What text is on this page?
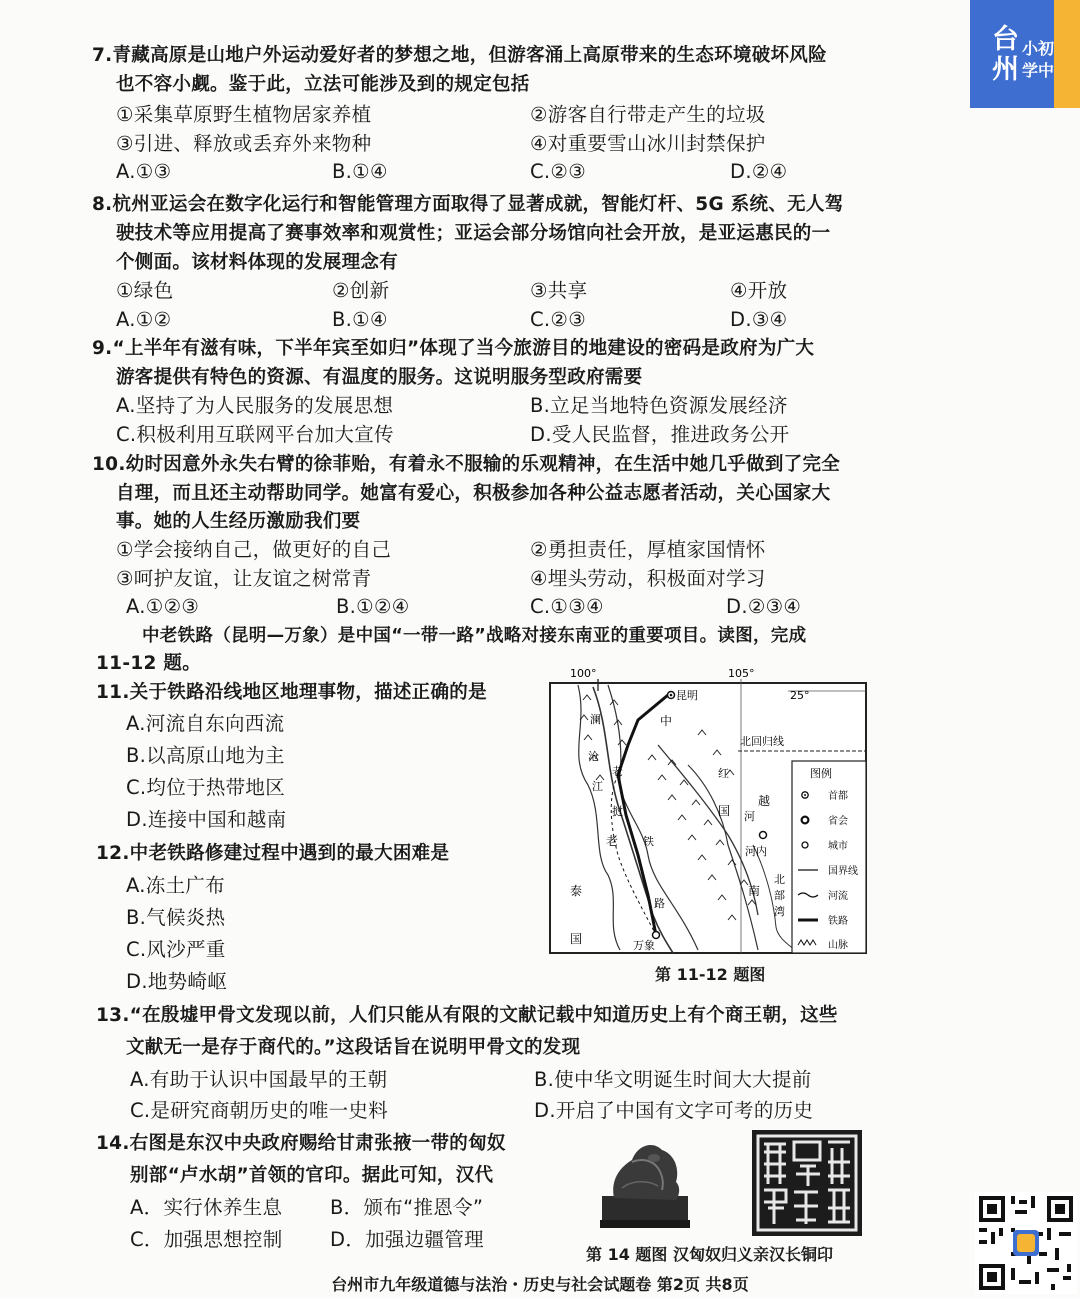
7.青藏高原是山地户外运动爱好者的梦想之地，但游客涌上高原带来的生态环境破坏风险
也不容小觑。鉴于此，立法可能涉及到的规定包括
①采集草原野生植物居家养植	②游客自行带走产生的垃圾
③引进、释放或丢弃外来物种	④对重要雪山冰川封禁保护
A.①③	B.①④	C.②③	D.②④
8.杭州亚运会在数字化运行和智能管理方面取得了显著成就，智能灯杆、5G 系统、无人驾
驶技术等应用提高了赛事效率和观赏性；亚运会部分场馆向社会开放，是亚运惠民的一
个侧面。该材料体现的发展理念有
①绿色	②创新	③共享	④开放
A.①②	B.①④	C.②③	D.③④
9.“上半年有滋有味，下半年宾至如归”体现了当今旅游目的地建设的密码是政府为广大
游客提供有特色的资源、有温度的服务。这说明服务型政府需要
A.坚持了为人民服务的发展思想	B.立足当地特色资源发展经济
C.积极利用互联网平台加大宣传	D.受人民监督，推进政务公开
10.幼时因意外永失右臂的徐菲贻，有着永不服输的乐观精神，在生活中她几乎做到了完全
自理，而且还主动帮助同学。她富有爱心，积极参加各种公益志愿者活动，关心国家大
事。她的人生经历激励我们要
①学会接纳自己，做更好的自己	②勇担责任，厚植家国情怀
③呵护友谊，让友谊之树常青	④埋头劳动，积极面对学习
A.①②③	B.①②④	C.①③④	D.②③④
中老铁路（昆明—万象）是中国“一带一路”战略对接东南亚的重要项目。读图，完成
11-12 题。
11.关于铁路沿线地区地理事物，描述正确的是
A.河流自东向西流
B.以高原山地为主
C.均位于热带地区
D.连接中国和越南
12.中老铁路修建过程中遇到的最大困难是
A.冻土广布
B.气候炎热
C.风沙严重
D.地势崎岖
100°	105°
25°
北回归线
昆明
万象
河内
中
国
澜
沧
江
老
挝
越
南
老 铁
路
泰
国
红
河
北
部
湾
图例
首都
省会
城市
国界线
河流
铁路
山脉
第 11-12 题图
13.“在殷墟甲骨文发现以前，人们只能从有限的文献记载中知道历史上有个商王朝，这些
文献无一是存于商代的。”这段话旨在说明甲骨文的发现
A.有助于认识中国最早的王朝	B.使中华文明诞生时间大大提前
C.是研究商朝历史的唯一史料	D.开启了中国有文字可考的历史
14.右图是东汉中央政府赐给甘肃张掖一带的匈奴
别部“卢水胡”首领的官印。据此可知，汉代
A．实行休养生息 B．颁布“推恩令”
C．加强思想控制 D．加强边疆管理
第 14 题图 汉匈奴归义亲汉长铜印
台州市九年级道德与法治・历史与社会试题卷 第2页 共8页
台
州
小初
学中
